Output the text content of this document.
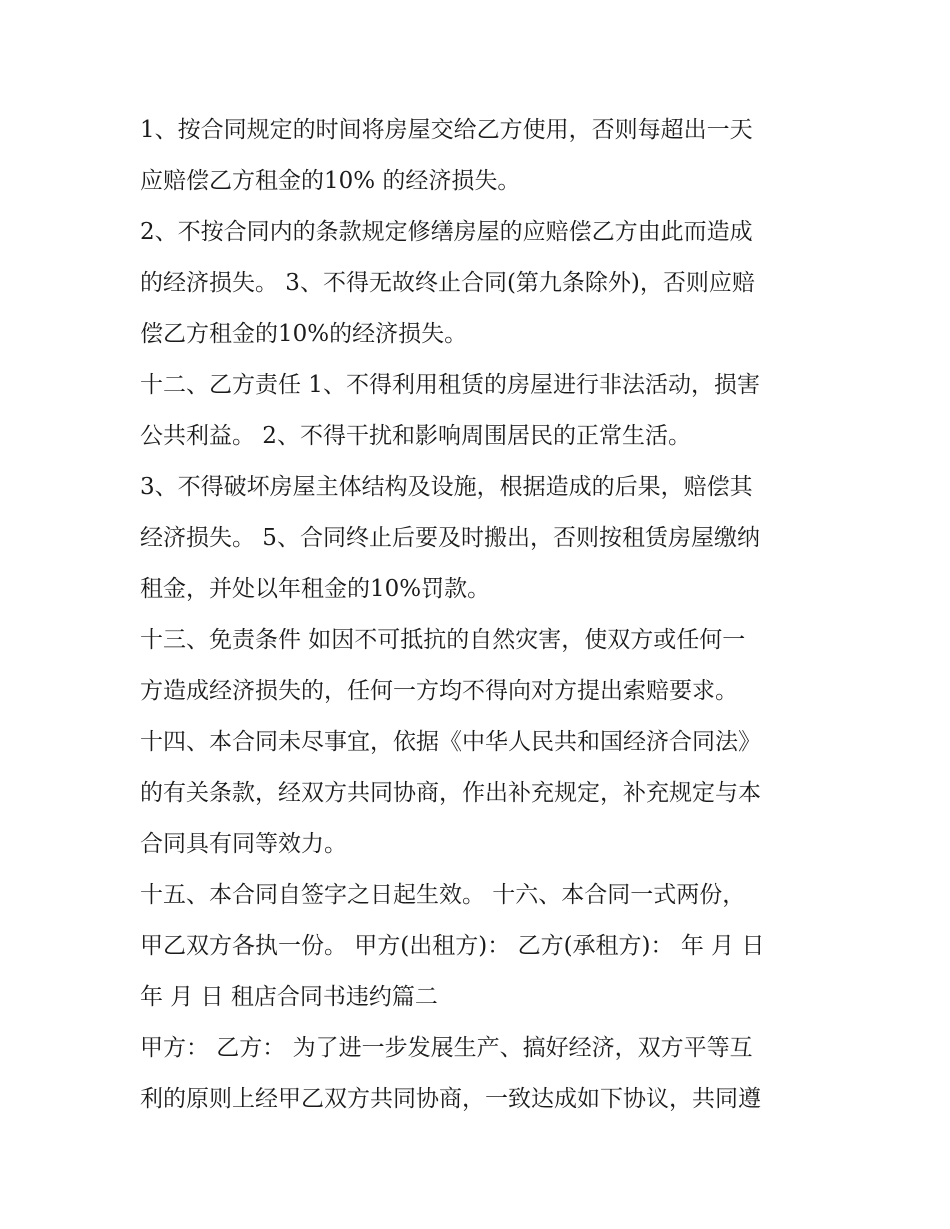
1、按合同规定的时间将房屋交给乙方使用，否则每超出一天
应赔偿乙方租金的10% 的经济损失。
2、不按合同内的条款规定修缮房屋的应赔偿乙方由此而造成
的经济损失。 3、不得无故终止合同(第九条除外)，否则应赔
偿乙方租金的10%的经济损失。
十二、乙方责任 1、不得利用租赁的房屋进行非法活动，损害
公共利益。 2、不得干扰和影响周围居民的正常生活。
3、不得破坏房屋主体结构及设施，根据造成的后果，赔偿其
经济损失。 5、合同终止后要及时搬出，否则按租赁房屋缴纳
租金，并处以年租金的10%罚款。
十三、免责条件 如因不可抵抗的自然灾害，使双方或任何一
方造成经济损失的，任何一方均不得向对方提出索赔要求。
十四、本合同未尽事宜，依据《中华人民共和国经济合同法》
的有关条款，经双方共同协商，作出补充规定，补充规定与本
合同具有同等效力。
十五、本合同自签字之日起生效。 十六、本合同一式两份，
甲乙双方各执一份。 甲方(出租方)： 乙方(承租方)： 年 月 日
年 月 日 租店合同书违约篇二
甲方： 乙方： 为了进一步发展生产、搞好经济，双方平等互
利的原则上经甲乙双方共同协商，一致达成如下协议，共同遵
